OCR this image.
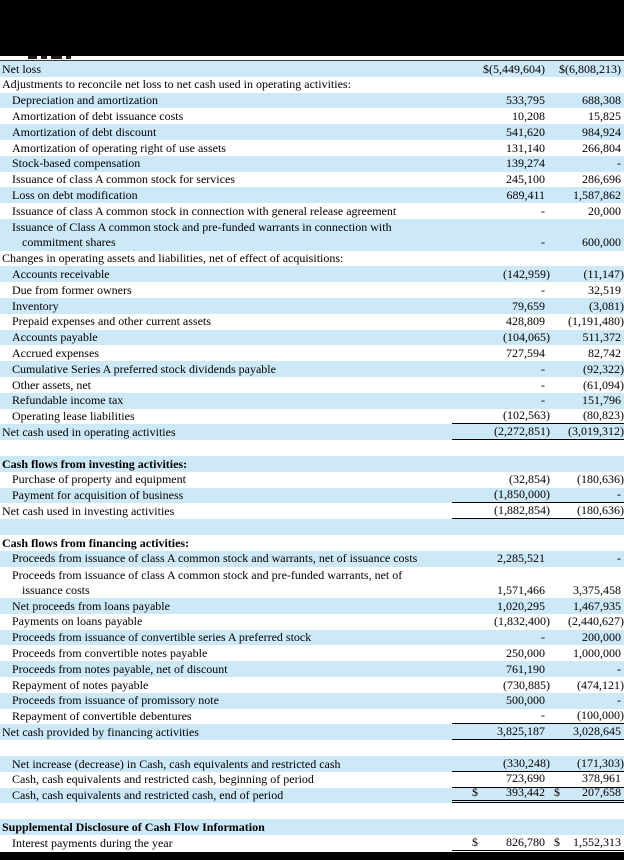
Net loss	$(5,449,604)	$(6,808,213)
Adjustments to reconcile net loss to net cash used in operating activities:
Depreciation and amortization	533,795	688,308
Amortization of debt issuance costs	10,208	15,825
Amortization of debt discount	541,620	984,924
Amortization of operating right of use assets	131,140	266,804
Stock-based compensation	139,274	-
Issuance of class A common stock for services	245,100	286,696
Loss on debt modification	689,411	1,587,862
Issuance of class A common stock in connection with general release agreement	-	20,000
Issuance of Class A common stock and pre-funded warrants in connection with
commitment shares	-	600,000
Changes in operating assets and liabilities, net of effect of acquisitions:
Accounts receivable	(142,959)	(11,147)
Due from former owners	-	32,519
Inventory	79,659	(3,081)
Prepaid expenses and other current assets	428,809	(1,191,480)
Accounts payable	(104,065)	511,372
Accrued expenses	727,594	82,742
Cumulative Series A preferred stock dividends payable	-	(92,322)
Other assets, net	-	(61,094)
Refundable income tax	-	151,796
Operating lease liabilities	(102,563)	(80,823)
Net cash used in operating activities	(2,272,851)	(3,019,312)
Cash flows from investing activities:
Purchase of property and equipment	(32,854)	(180,636)
Payment for acquisition of business	(1,850,000)	-
Net cash used in investing activities	(1,882,854)	(180,636)
Cash flows from financing activities:
Proceeds from issuance of class A common stock and warrants, net of issuance costs	2,285,521	-
Proceeds from issuance of class A common stock and pre-funded warrants, net of
issuance costs	1,571,466	3,375,458
Net proceeds from loans payable	1,020,295	1,467,935
Payments on loans payable	(1,832,400)	(2,440,627)
Proceeds from issuance of convertible series A preferred stock	-	200,000
Proceeds from convertible notes payable	250,000	1,000,000
Proceeds from notes payable, net of discount	761,190	-
Repayment of notes payable	(730,885)	(474,121)
Proceeds from issuance of promissory note	500,000	-
Repayment of convertible debentures	-	(100,000)
Net cash provided by financing activities	3,825,187	3,028,645
Net increase (decrease) in Cash, cash equivalents and restricted cash	(330,248)	(171,303)
Cash, cash equivalents and restricted cash, beginning of period	723,690	378,961
Cash, cash equivalents and restricted cash, end of period	$ 393,442 $ 207,658
Supplemental Disclosure of Cash Flow Information
Interest payments during the year	$ 826,780 $ 1,552,313
